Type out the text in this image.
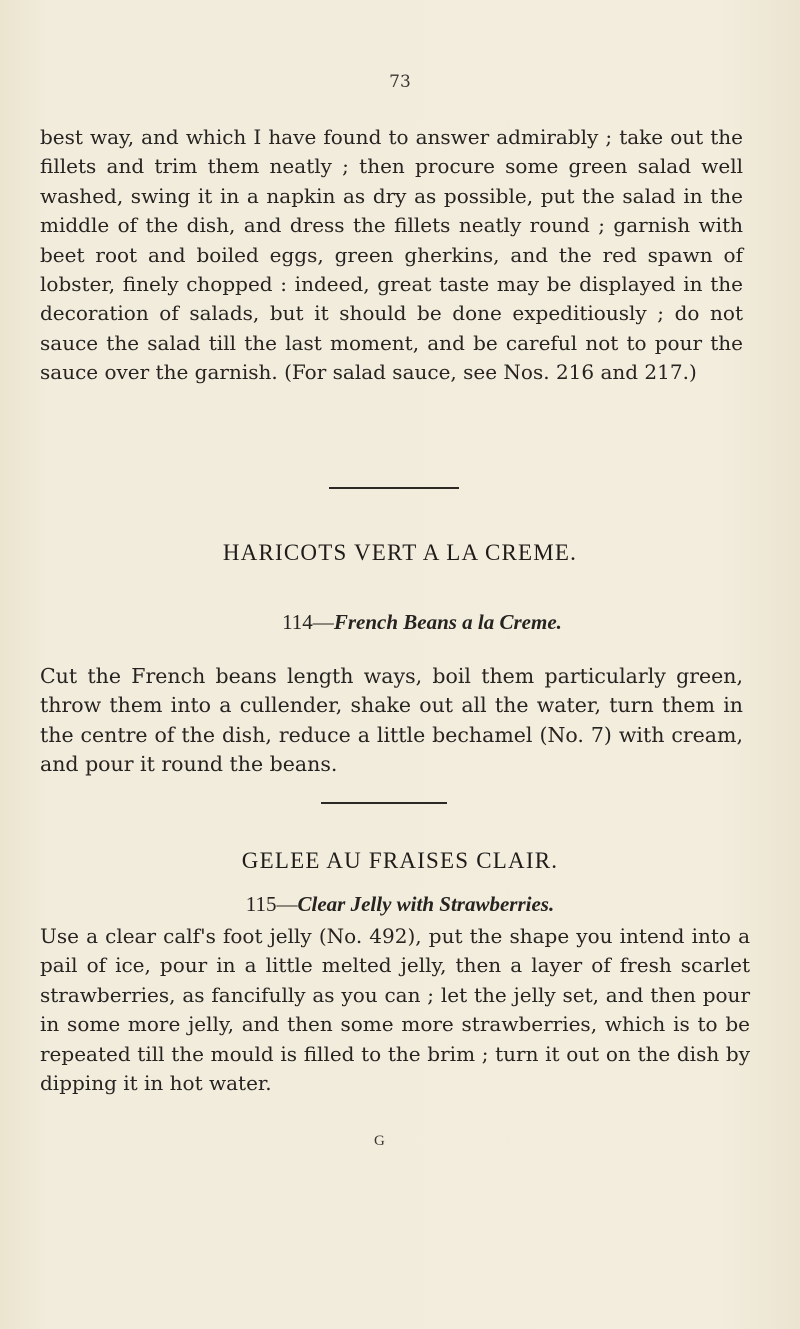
73

best way, and which I have found to answer admirably ; take out the fillets and trim them neatly ; then procure some green salad well washed, swing it in a napkin as dry as possible, put the salad in the middle of the dish, and dress the fillets neatly round ; garnish with beet root and boiled eggs, green gherkins, and the red spawn of lobster, finely chopped : indeed, great taste may be displayed in the decoration of salads, but it should be done expeditiously ; do not sauce the salad till the last moment, and be careful not to pour the sauce over the garnish. (For salad sauce, see Nos. 216 and 217.)

HARICOTS VERT A LA CREME.

114—French Beans a la Creme.

Cut the French beans length ways, boil them particularly green, throw them into a cullender, shake out all the water, turn them in the centre of the dish, reduce a little bechamel (No. 7) with cream, and pour it round the beans.

GELEE AU FRAISES CLAIR.

115—Clear Jelly with Strawberries.

Use a clear calf's foot jelly (No. 492), put the shape you intend into a pail of ice, pour in a little melted jelly, then a layer of fresh scarlet strawberries, as fancifully as you can ; let the jelly set, and then pour in some more jelly, and then some more strawberries, which is to be repeated till the mould is filled to the brim ; turn it out on the dish by dipping it in hot water.

G
